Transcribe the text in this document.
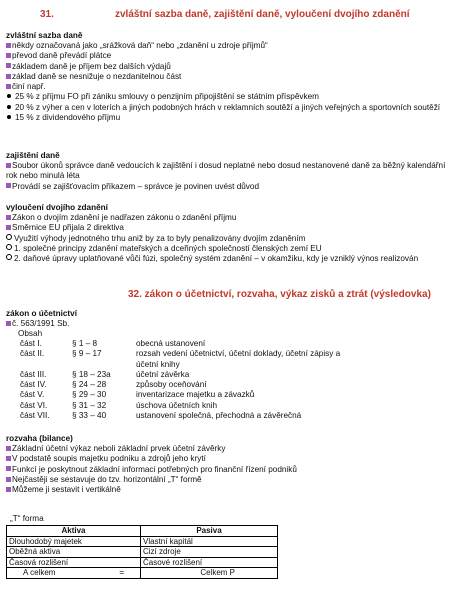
31.	zvláštní sazba daně, zajištění daně, vyloučení dvojího zdanění
zvláštní sazba daně
někdy označovaná jako „srážková daň“ nebo „zdanění u zdroje příjmů“
převod daně převádí plátce
základem daně je příjem bez dalších výdajů
základ daně se nesnižuje o nezdanitelnou část
činí např.
25 % z příjmu FO při zániku smlouvy o penzijním připojištění se státním příspěvkem
20 % z výher a cen v loterích a jiných podobných hrách v reklamních soutěží a jiných veřejných a sportovních soutěží
15 % z dividendového příjmu
zajištění daně
Soubor úkonů správce daně vedoucích k zajištění i dosud neplatné nebo dosud nestanovené daně za běžný kalendářní rok nebo minulá léta
Provádí se zajišťovacím příkazem – správce je povinen uvést důvod
vyloučení dvojího zdanění
Zákon o dvojím zdanění je nadřazen zákonu o zdanění příjmu
Směrnice EU přijala 2 direktiva
Využití výhody jednotného trhu aniž by za to byly penalizovány dvojím zdaněním
1. společné principy zdanění mateřských a dceřiných společností členských zemí EU
2. daňové úpravy uplatňované vůči fúzi, společný systém zdanění – v okamžiku, kdy je vzniklý výnos realizován
32. zákon o účetnictví, rozvaha, výkaz zisků a ztrát (výsledovka)
zákon o účetnictví
č. 563/1991 Sb.
Obsah
část I.	§ 1 – 8	obecná ustanovení
část II.	§ 9 – 17	rozsah vedení účetnictví, účetní doklady, účetní zápisy a
		účetní knihy
část III.	§ 18 – 23a	účetní závěrka
část IV.	§ 24 – 28	způsoby oceňování
část V.	§ 29 – 30	inventarizace majetku a závazků
část VI.	§ 31 – 32	úschova účetních knih
část VII.	§ 33 – 40	ustanovení společná, přechodná a závěrečná
rozvaha (bilance)
Základní účetní výkaz neboli základní prvek účetní závěrky
V podstatě soupis majetku podniku a zdrojů jeho krytí
Funkcí je poskytnout základní informaci potřebných pro finanční řízení podniků
Nejčastěji se sestavuje do tzv. horizontální „T“ formě
Můžeme ji sestavit i vertikálně
„T“ forma
Aktiva	Pasiva
Dlouhodobý majetek	Vlastní kapitál
Oběžná aktiva	Cizí zdroje
Časová rozlišení	Časové rozlišení
A celkem =	Celkem P
